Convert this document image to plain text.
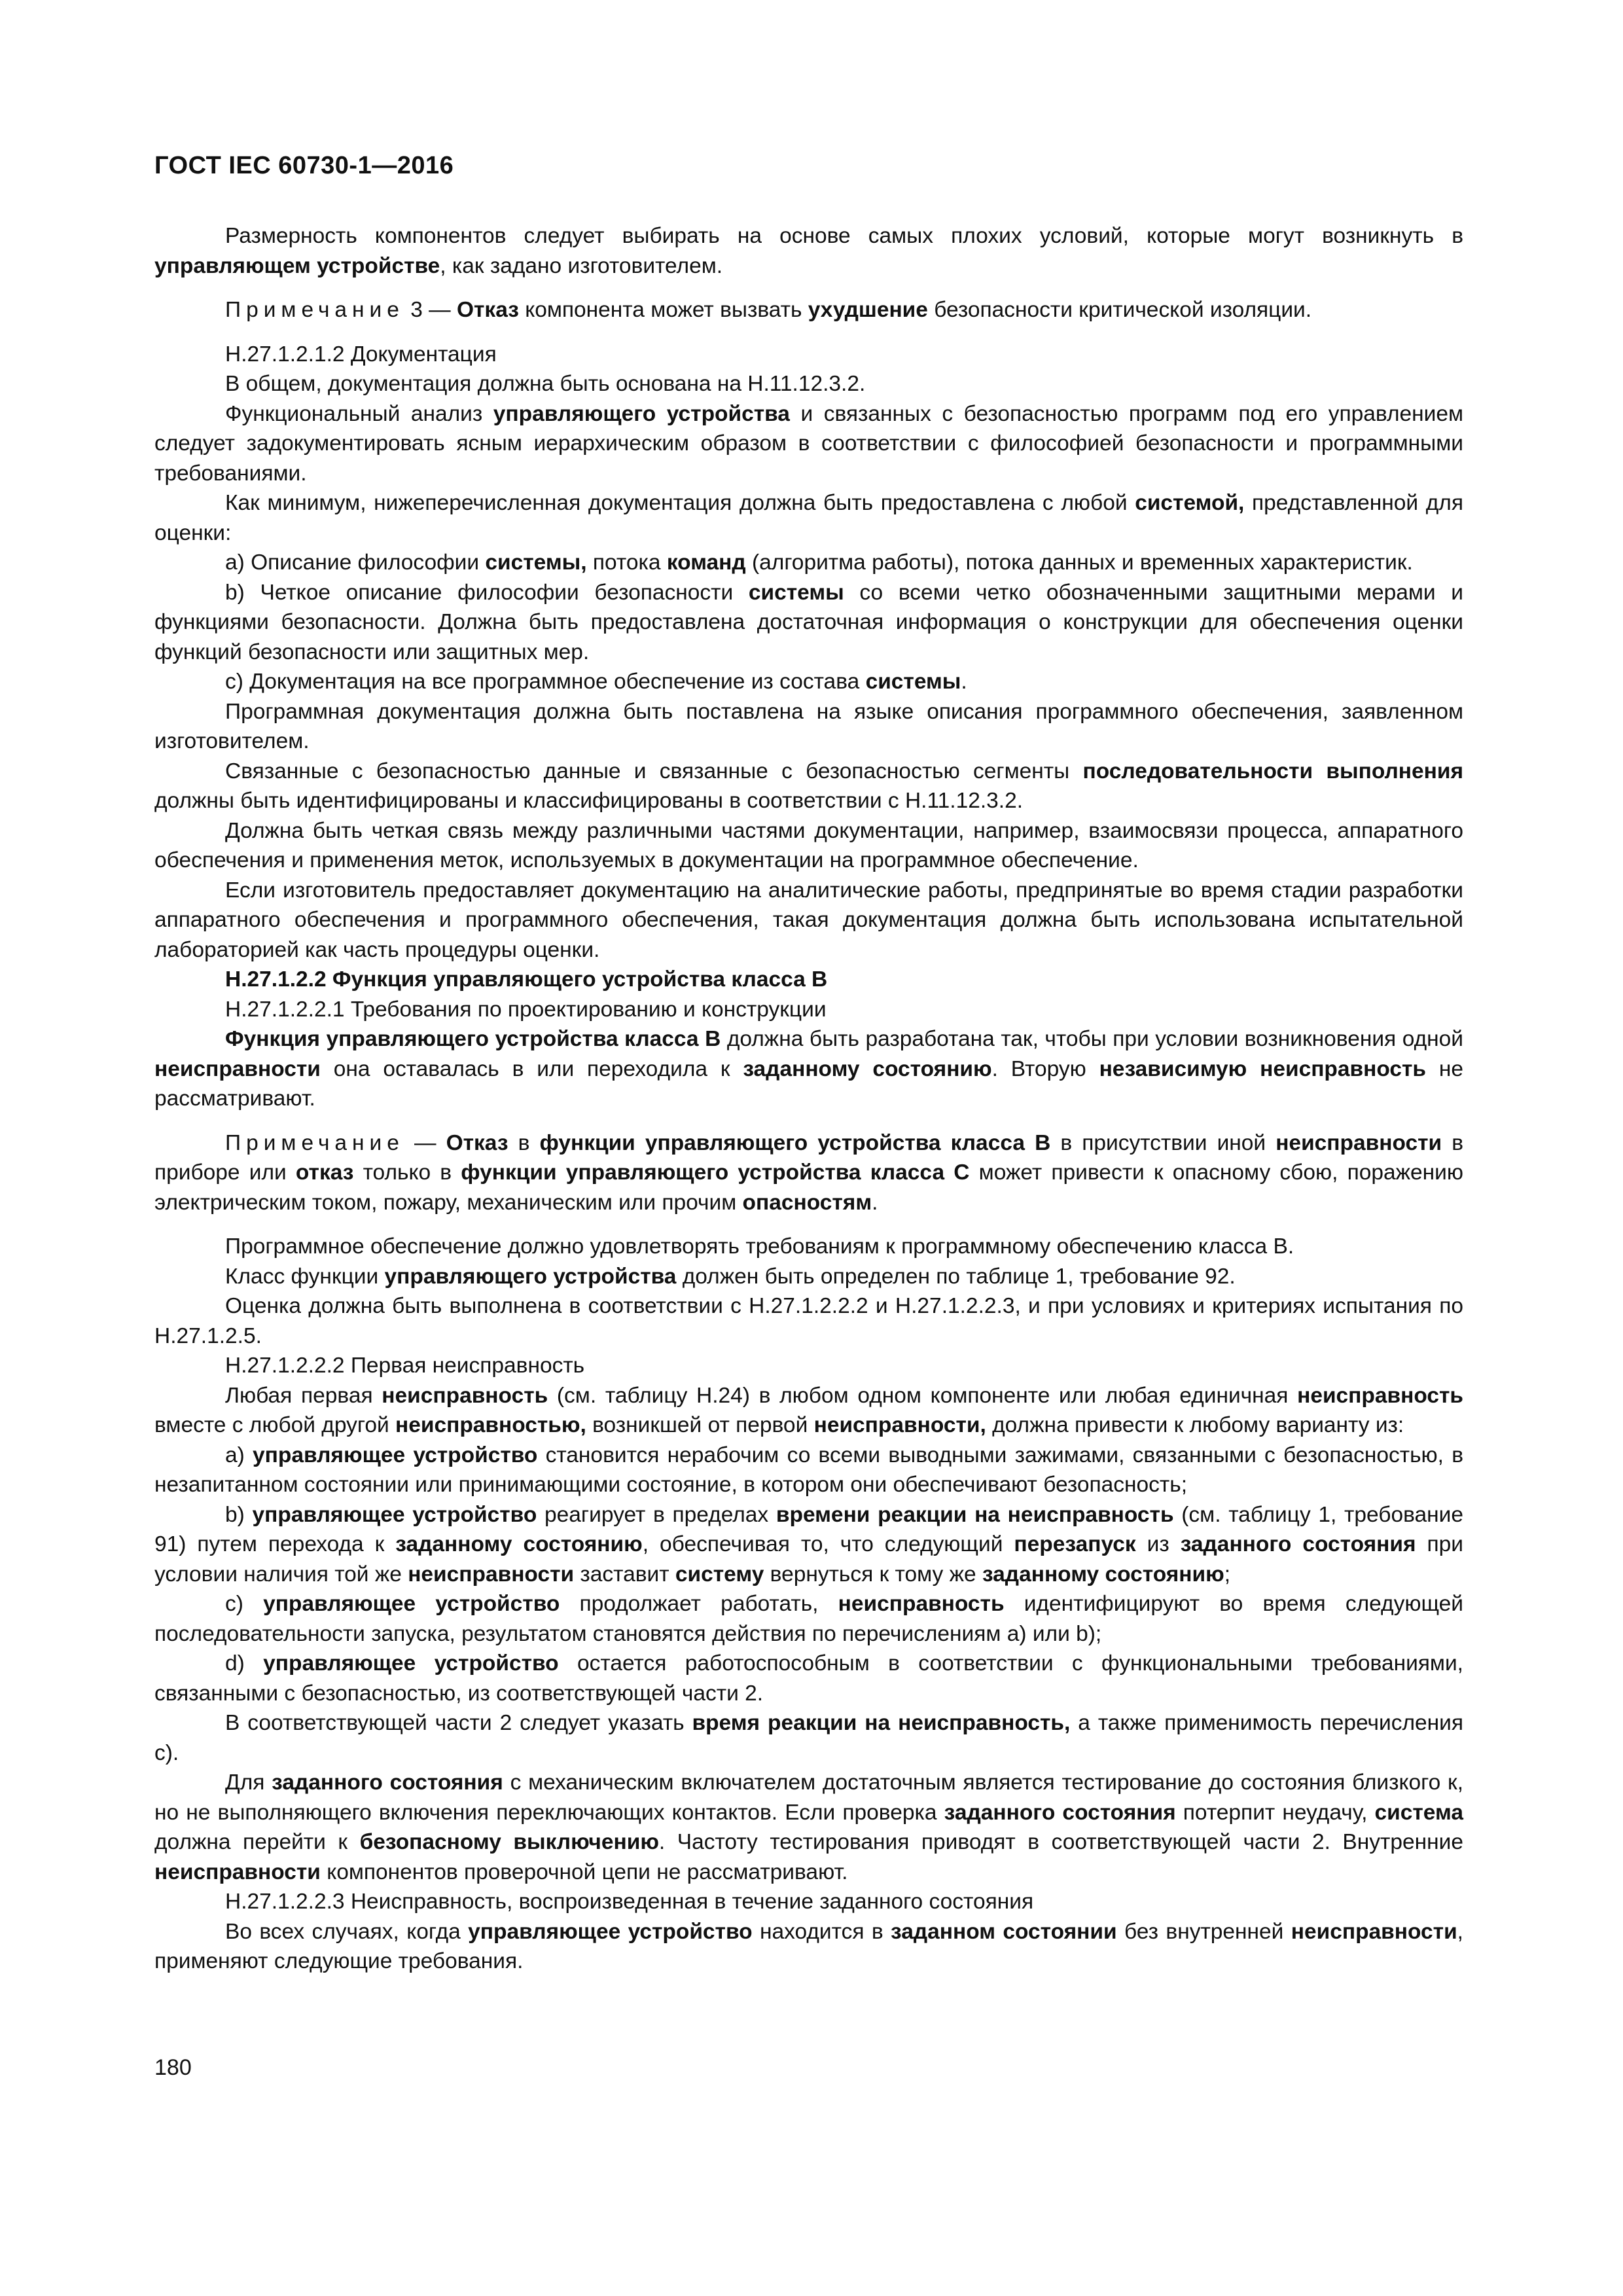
ГОСТ IEC 60730-1—2016

Размерность компонентов следует выбирать на основе самых плохих условий, которые могут возникнуть в управляющем устройстве, как задано изготовителем.

Примечание 3 — Отказ компонента может вызвать ухудшение безопасности критической изоляции.

Н.27.1.2.1.2 Документация

В общем, документация должна быть основана на Н.11.12.3.2.

Функциональный анализ управляющего устройства и связанных с безопасностью программ под его управлением следует задокументировать ясным иерархическим образом в соответствии с философией безопасности и программными требованиями.

Как минимум, нижеперечисленная документация должна быть предоставлена с любой системой, представленной для оценки:

a) Описание философии системы, потока команд (алгоритма работы), потока данных и временных характеристик.

b) Четкое описание философии безопасности системы со всеми четко обозначенными защитными мерами и функциями безопасности. Должна быть предоставлена достаточная информация о конструкции для обеспечения оценки функций безопасности или защитных мер.

c) Документация на все программное обеспечение из состава системы.

Программная документация должна быть поставлена на языке описания программного обеспечения, заявленном изготовителем.

Связанные с безопасностью данные и связанные с безопасностью сегменты последовательности выполнения должны быть идентифицированы и классифицированы в соответствии с Н.11.12.3.2.

Должна быть четкая связь между различными частями документации, например, взаимосвязи процесса, аппаратного обеспечения и применения меток, используемых в документации на программное обеспечение.

Если изготовитель предоставляет документацию на аналитические работы, предпринятые во время стадии разработки аппаратного обеспечения и программного обеспечения, такая документация должна быть использована испытательной лабораторией как часть процедуры оценки.

Н.27.1.2.2 Функция управляющего устройства класса В

Н.27.1.2.2.1 Требования по проектированию и конструкции

Функция управляющего устройства класса В должна быть разработана так, чтобы при условии возникновения одной неисправности она оставалась в или переходила к заданному состоянию. Вторую независимую неисправность не рассматривают.

Примечание — Отказ в функции управляющего устройства класса В в присутствии иной неисправности в приборе или отказ только в функции управляющего устройства класса С может привести к опасному сбою, поражению электрическим током, пожару, механическим или прочим опасностям.

Программное обеспечение должно удовлетворять требованиям к программному обеспечению класса В.

Класс функции управляющего устройства должен быть определен по таблице 1, требование 92.

Оценка должна быть выполнена в соответствии с Н.27.1.2.2.2 и Н.27.1.2.2.3, и при условиях и критериях испытания по Н.27.1.2.5.

Н.27.1.2.2.2 Первая неисправность

Любая первая неисправность (см. таблицу Н.24) в любом одном компоненте или любая единичная неисправность вместе с любой другой неисправностью, возникшей от первой неисправности, должна привести к любому варианту из:

a) управляющее устройство становится нерабочим со всеми выводными зажимами, связанными с безопасностью, в незапитанном состоянии или принимающими состояние, в котором они обеспечивают безопасность;

b) управляющее устройство реагирует в пределах времени реакции на неисправность (см. таблицу 1, требование 91) путем перехода к заданному состоянию, обеспечивая то, что следующий перезапуск из заданного состояния при условии наличия той же неисправности заставит систему вернуться к тому же заданному состоянию;

c) управляющее устройство продолжает работать, неисправность идентифицируют во время следующей последовательности запуска, результатом становятся действия по перечислениям а) или b);

d) управляющее устройство остается работоспособным в соответствии с функциональными требованиями, связанными с безопасностью, из соответствующей части 2.

В соответствующей части 2 следует указать время реакции на неисправность, а также применимость перечисления с).

Для заданного состояния с механическим включателем достаточным является тестирование до состояния близкого к, но не выполняющего включения переключающих контактов. Если проверка заданного состояния потерпит неудачу, система должна перейти к безопасному выключению. Частоту тестирования приводят в соответствующей части 2. Внутренние неисправности компонентов проверочной цепи не рассматривают.

Н.27.1.2.2.3 Неисправность, воспроизведенная в течение заданного состояния

Во всех случаях, когда управляющее устройство находится в заданном состоянии без внутренней неисправности, применяют следующие требования.

180
